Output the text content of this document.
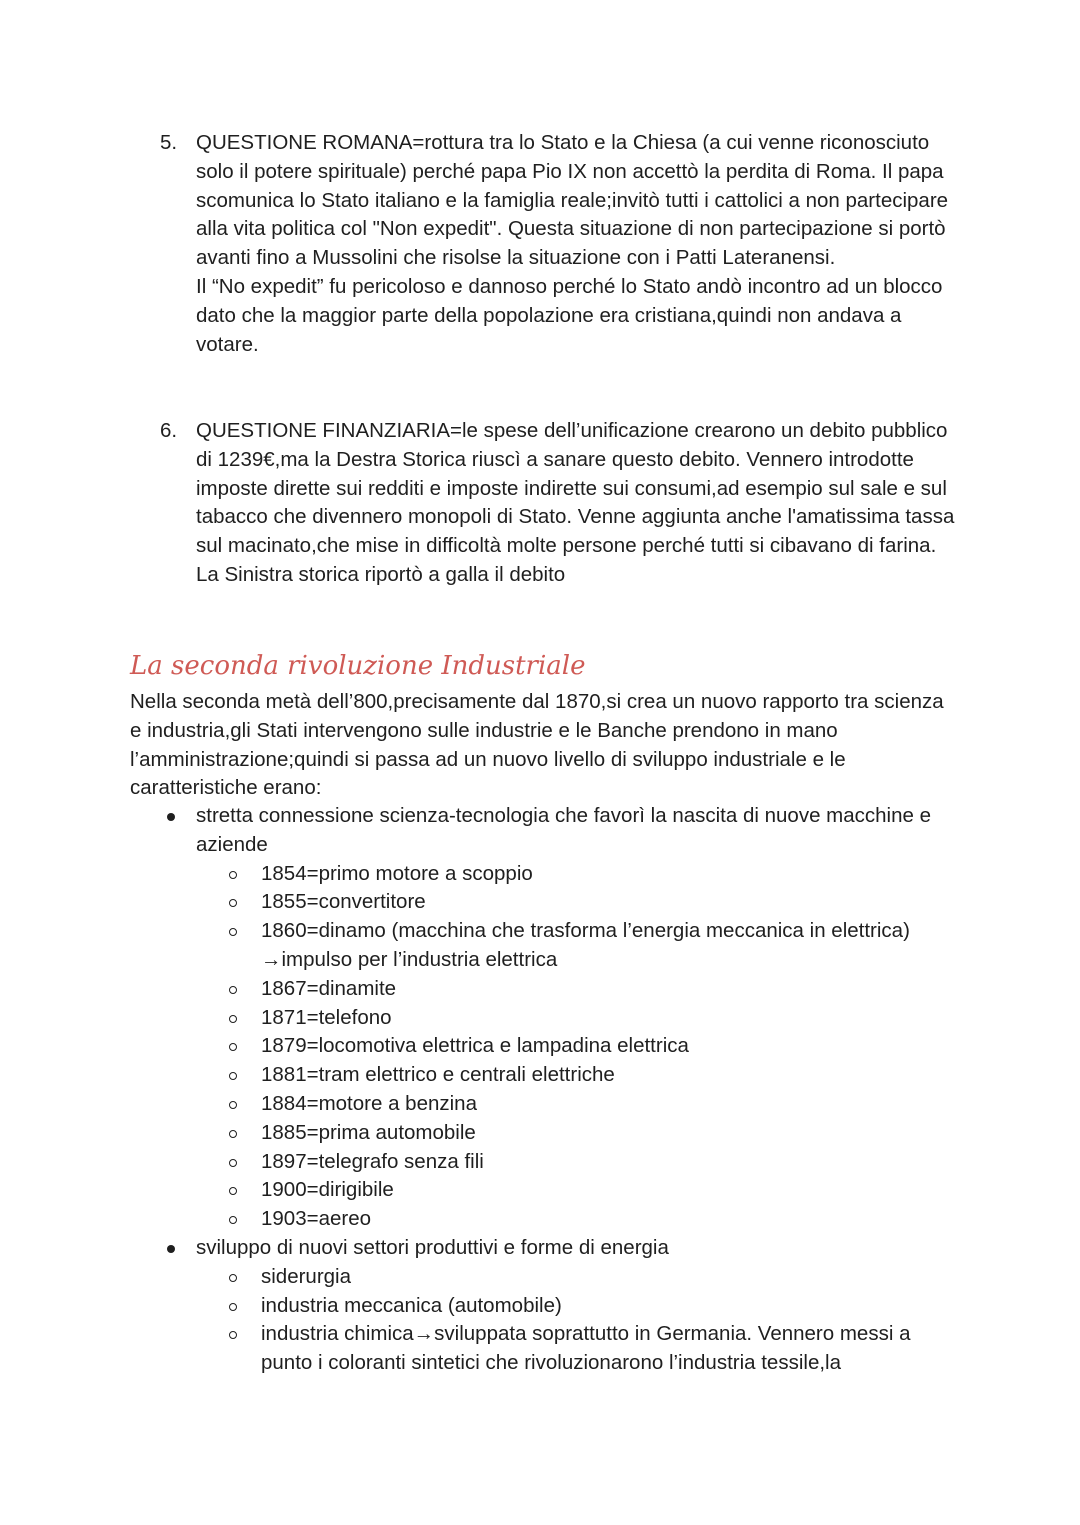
5. QUESTIONE ROMANA=rottura tra lo Stato e la Chiesa (a cui venne riconosciuto solo il potere spirituale) perché papa Pio IX non accettò la perdita di Roma. Il papa scomunica lo Stato italiano e la famiglia reale;invitò tutti i cattolici a non partecipare alla vita politica col "Non expedit". Questa situazione di non partecipazione si portò avanti fino a Mussolini che risolse la situazione con i Patti Lateranensi.

Il “No expedit” fu pericoloso e dannoso perché lo Stato andò incontro ad un blocco dato che la maggior parte della popolazione era cristiana,quindi non andava a votare.

6. QUESTIONE FINANZIARIA=le spese dell’unificazione crearono un debito pubblico di 1239€,ma la Destra Storica riuscì a sanare questo debito. Vennero introdotte imposte dirette sui redditi e imposte indirette sui consumi,ad esempio sul sale e sul tabacco che divennero monopoli di Stato. Venne aggiunta anche l'amatissima tassa sul macinato,che mise in difficoltà molte persone perché tutti si cibavano di farina.

La Sinistra storica riportò a galla il debito

La seconda rivoluzione Industriale

Nella seconda metà dell’800,precisamente dal 1870,si crea un nuovo rapporto tra scienza e industria,gli Stati intervengono sulle industrie e le Banche prendono in mano l’amministrazione;quindi si passa ad un nuovo livello di sviluppo industriale e le caratteristiche erano:

stretta connessione scienza-tecnologia che favorì la nascita di nuove macchine e aziende
1854=primo motore a scoppio
1855=convertitore
1860=dinamo (macchina che trasforma l’energia meccanica in elettrica) →impulso per l’industria elettrica
1867=dinamite
1871=telefono
1879=locomotiva elettrica e lampadina elettrica
1881=tram elettrico e centrali elettriche
1884=motore a benzina
1885=prima automobile
1897=telegrafo senza fili
1900=dirigibile
1903=aereo
sviluppo di nuovi settori produttivi e forme di energia
siderurgia
industria meccanica (automobile)
industria chimica→sviluppata soprattutto in Germania. Vennero messi a punto i coloranti sintetici che rivoluzionarono l’industria tessile,la
